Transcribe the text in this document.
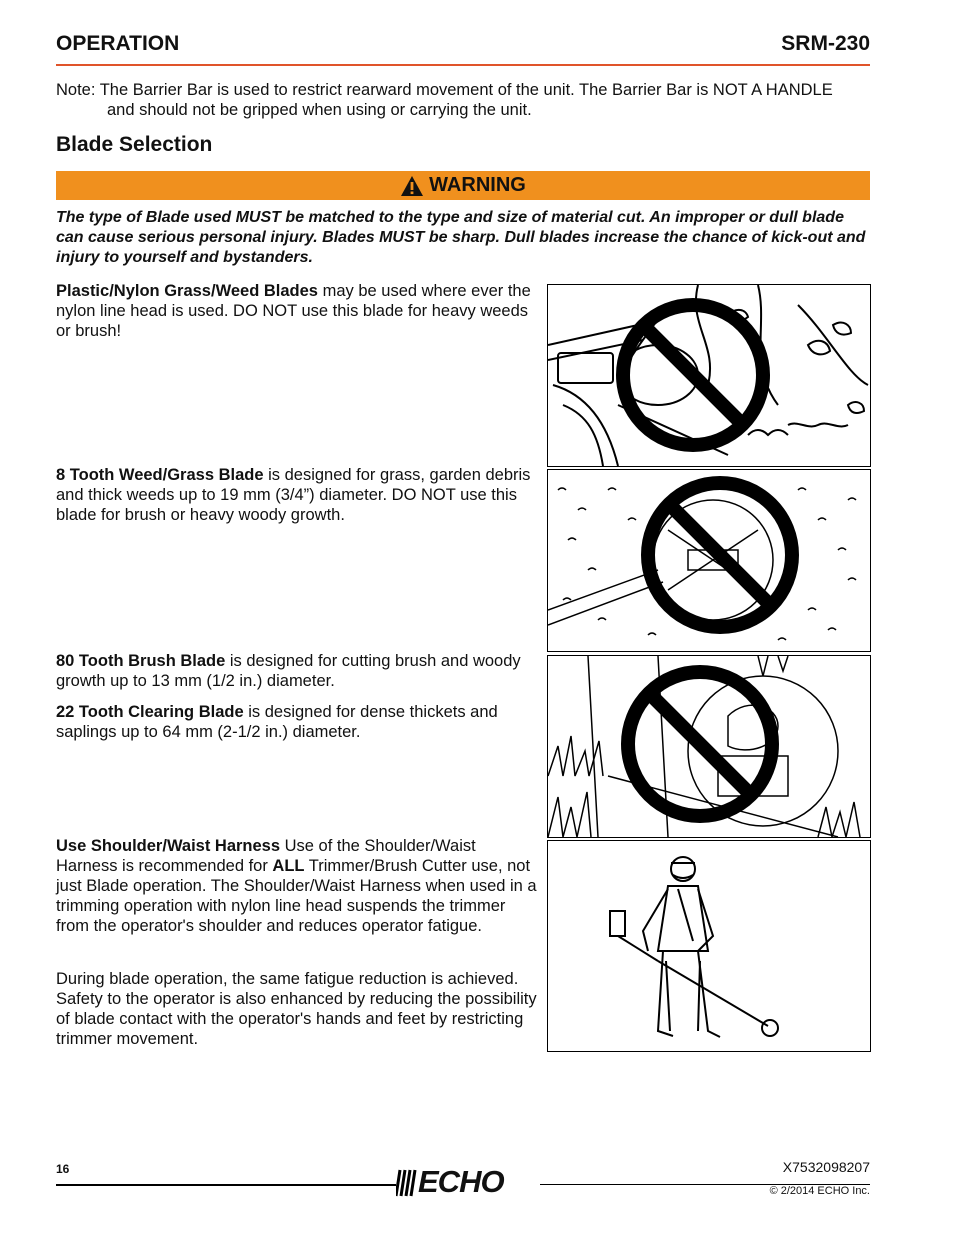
OPERATION	SRM-230
Note: The Barrier Bar is used to restrict rearward movement of the unit. The Barrier Bar is NOT A HANDLE
and should not be gripped when using or carrying the unit.
Blade Selection
WARNING
The type of Blade used MUST be matched to the type and size of material cut. An improper or dull blade can cause serious personal injury. Blades MUST be sharp. Dull blades increase the chance of kick-out and injury to yourself and bystanders.
Plastic/Nylon Grass/Weed Blades may be used where ever the nylon line head is used. DO NOT use this blade for heavy weeds or brush!
8 Tooth Weed/Grass Blade is designed for grass, garden debris and thick weeds up to 19 mm (3/4”) diameter. DO NOT use this blade for brush or heavy woody growth.
80 Tooth Brush Blade is designed for cutting brush and woody growth up to 13 mm (1/2 in.) diameter.
22 Tooth Clearing Blade is designed for dense thickets and saplings up to 64 mm (2-1/2 in.) diameter.
Use Shoulder/Waist Harness Use of the Shoulder/Waist Harness is recommended for ALL Trimmer/Brush Cutter use, not just Blade operation. The Shoulder/Waist Harness when used in a trimming operation with nylon line head suspends the trimmer from the operator's shoulder and reduces operator fatigue.
During blade operation, the same fatigue reduction is achieved. Safety to the operator is also enhanced by reducing the possibility of blade contact with the operator's hands and feet by restricting trimmer movement.
16	ECHO	X7532098207
© 2/2014 ECHO Inc.
